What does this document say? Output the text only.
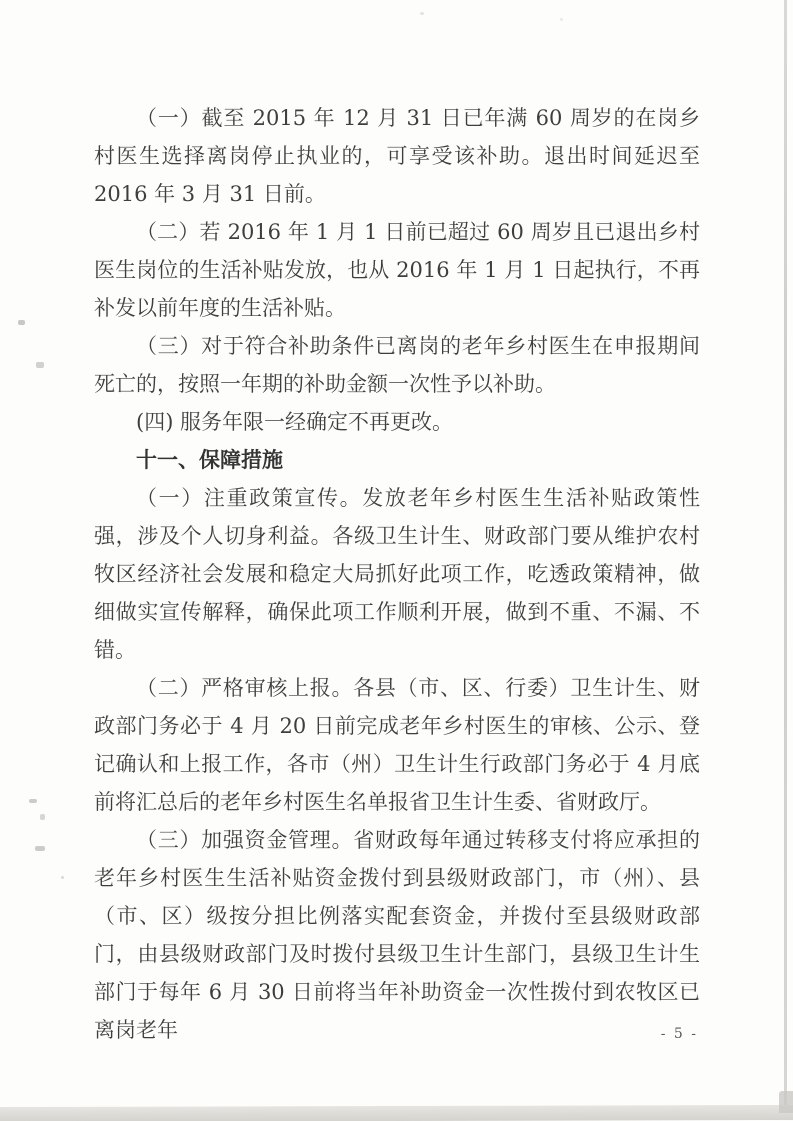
（一）截至 2015 年 12 月 31 日已年满 60 周岁的在岗乡村医生选择离岗停止执业的，可享受该补助。退出时间延迟至 2016 年 3 月 31 日前。

（二）若 2016 年 1 月 1 日前已超过 60 周岁且已退出乡村医生岗位的生活补贴发放，也从 2016 年 1 月 1 日起执行，不再补发以前年度的生活补贴。

（三）对于符合补助条件已离岗的老年乡村医生在申报期间死亡的，按照一年期的补助金额一次性予以补助。

(四) 服务年限一经确定不再更改。

十一、保障措施

（一）注重政策宣传。发放老年乡村医生生活补贴政策性强，涉及个人切身利益。各级卫生计生、财政部门要从维护农村牧区经济社会发展和稳定大局抓好此项工作，吃透政策精神，做细做实宣传解释，确保此项工作顺利开展，做到不重、不漏、不错。

（二）严格审核上报。各县（市、区、行委）卫生计生、财政部门务必于 4 月 20 日前完成老年乡村医生的审核、公示、登记确认和上报工作，各市（州）卫生计生行政部门务必于 4 月底前将汇总后的老年乡村医生名单报省卫生计生委、省财政厅。

（三）加强资金管理。省财政每年通过转移支付将应承担的老年乡村医生生活补贴资金拨付到县级财政部门，市（州）、县（市、区）级按分担比例落实配套资金，并拨付至县级财政部门，由县级财政部门及时拨付县级卫生计生部门，县级卫生计生部门于每年 6 月 30 日前将当年补助资金一次性拨付到农牧区已离岗老年	- 5 -
